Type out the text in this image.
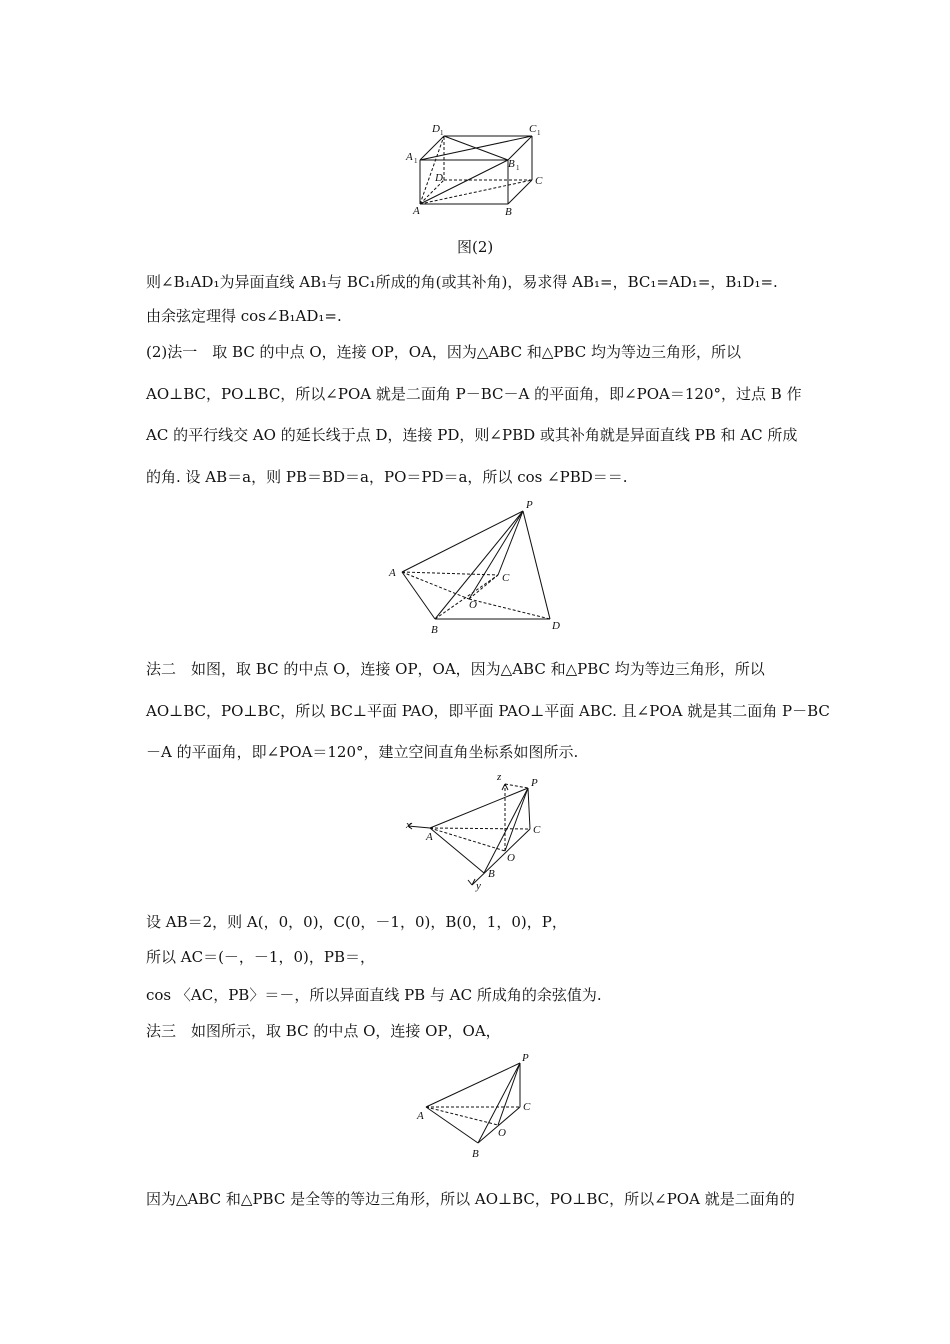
D 1	C 1
A 1	B 1
D	C
A	B
图(2)
则∠B₁AD₁为异面直线 AB₁与 BC₁所成的角(或其补角)，易求得 AB₁=，BC₁=AD₁=，B₁D₁=.
由余弦定理得 cos∠B₁AD₁=.
(2)法一　取 BC 的中点 O，连接 OP，OA，因为△ABC 和△PBC 均为等边三角形，所以
AO⊥BC，PO⊥BC，所以∠POA 就是二面角 P－BC－A 的平面角，即∠POA＝120°，过点 B 作
AC 的平行线交 AO 的延长线于点 D，连接 PD，则∠PBD 或其补角就是异面直线 PB 和 AC 所成
的角. 设 AB＝a，则 PB＝BD＝a，PO＝PD＝a，所以 cos ∠PBD＝＝.
P
A	C
O
B	D
法二　如图，取 BC 的中点 O，连接 OP，OA，因为△ABC 和△PBC 均为等边三角形，所以
AO⊥BC，PO⊥BC，所以 BC⊥平面 PAO，即平面 PAO⊥平面 ABC. 且∠POA 就是其二面角 P－BC
－A 的平面角，即∠POA＝120°，建立空间直角坐标系如图所示.
z	P
x
A
C
O
B
y
设 AB＝2，则 A(，0，0)，C(0，－1，0)，B(0，1，0)，P，
所以 AC＝(－，－1，0)，PB＝，
cos 〈AC，PB〉＝－，所以异面直线 PB 与 AC 所成角的余弦值为.
法三　如图所示，取 BC 的中点 O，连接 OP，OA，
P
A
C
O
B
因为△ABC 和△PBC 是全等的等边三角形，所以 AO⊥BC，PO⊥BC，所以∠POA 就是二面角的
